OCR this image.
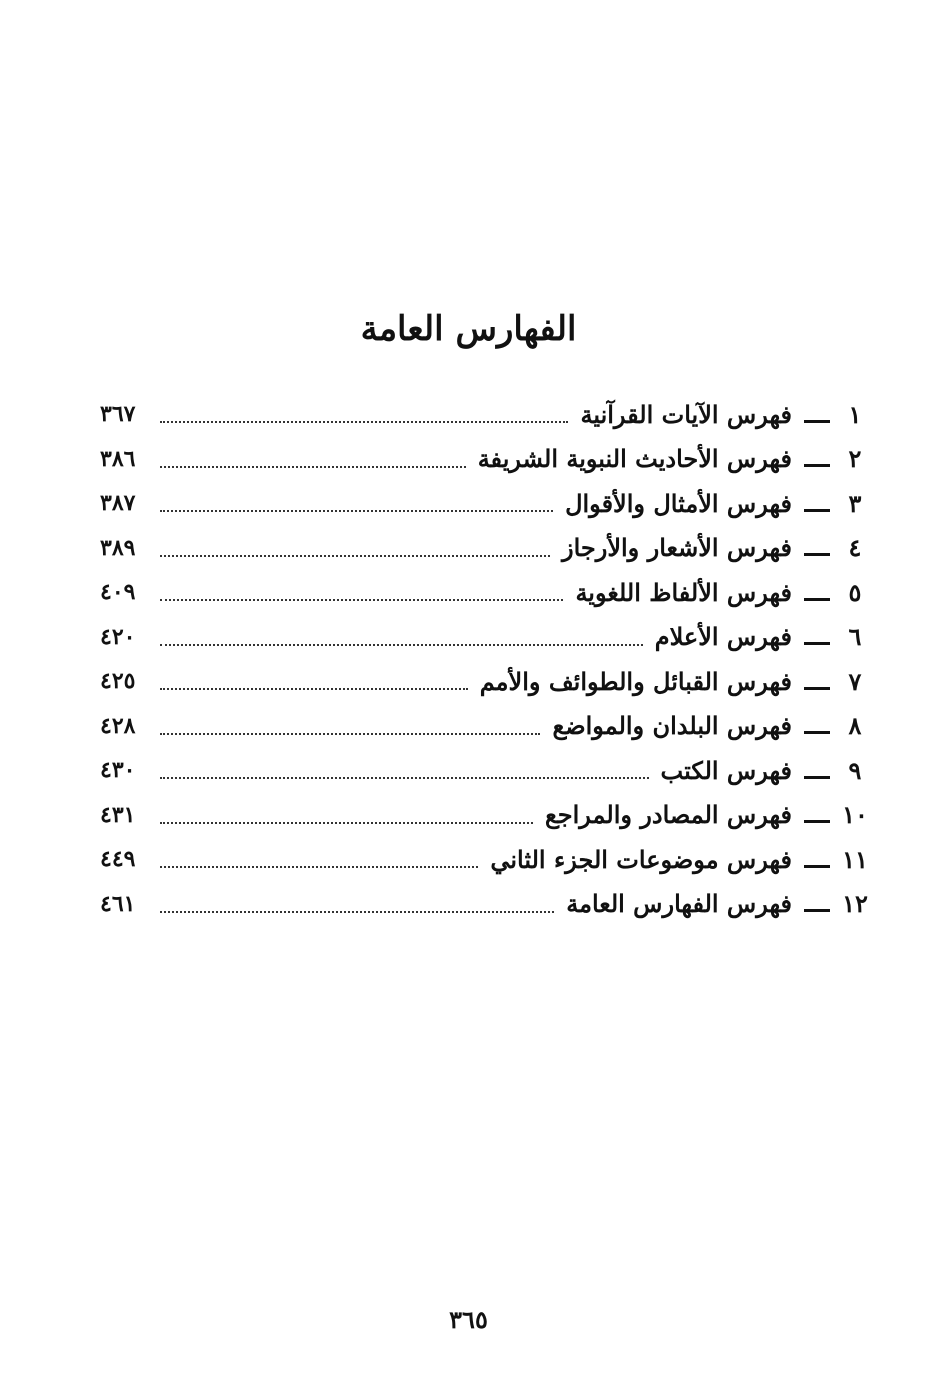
الفهارس العامة
١
فهرس الآيات القرآنية
٣٦٧
٢
فهرس الأحاديث النبوية الشريفة
٣٨٦
٣
فهرس الأمثال والأقوال
٣٨٧
٤
فهرس الأشعار والأرجاز
٣٨٩
٥
فهرس الألفاظ اللغوية
٤٠٩
٦
فهرس الأعلام
٤٢٠
٧
فهرس القبائل والطوائف والأمم
٤٢٥
٨
فهرس البلدان والمواضع
٤٢٨
٩
فهرس الكتب
٤٣٠
١٠
فهرس المصادر والمراجع
٤٣١
١١
فهرس موضوعات الجزء الثاني
٤٤٩
١٢
فهرس الفهارس العامة
٤٦١
٣٦٥
